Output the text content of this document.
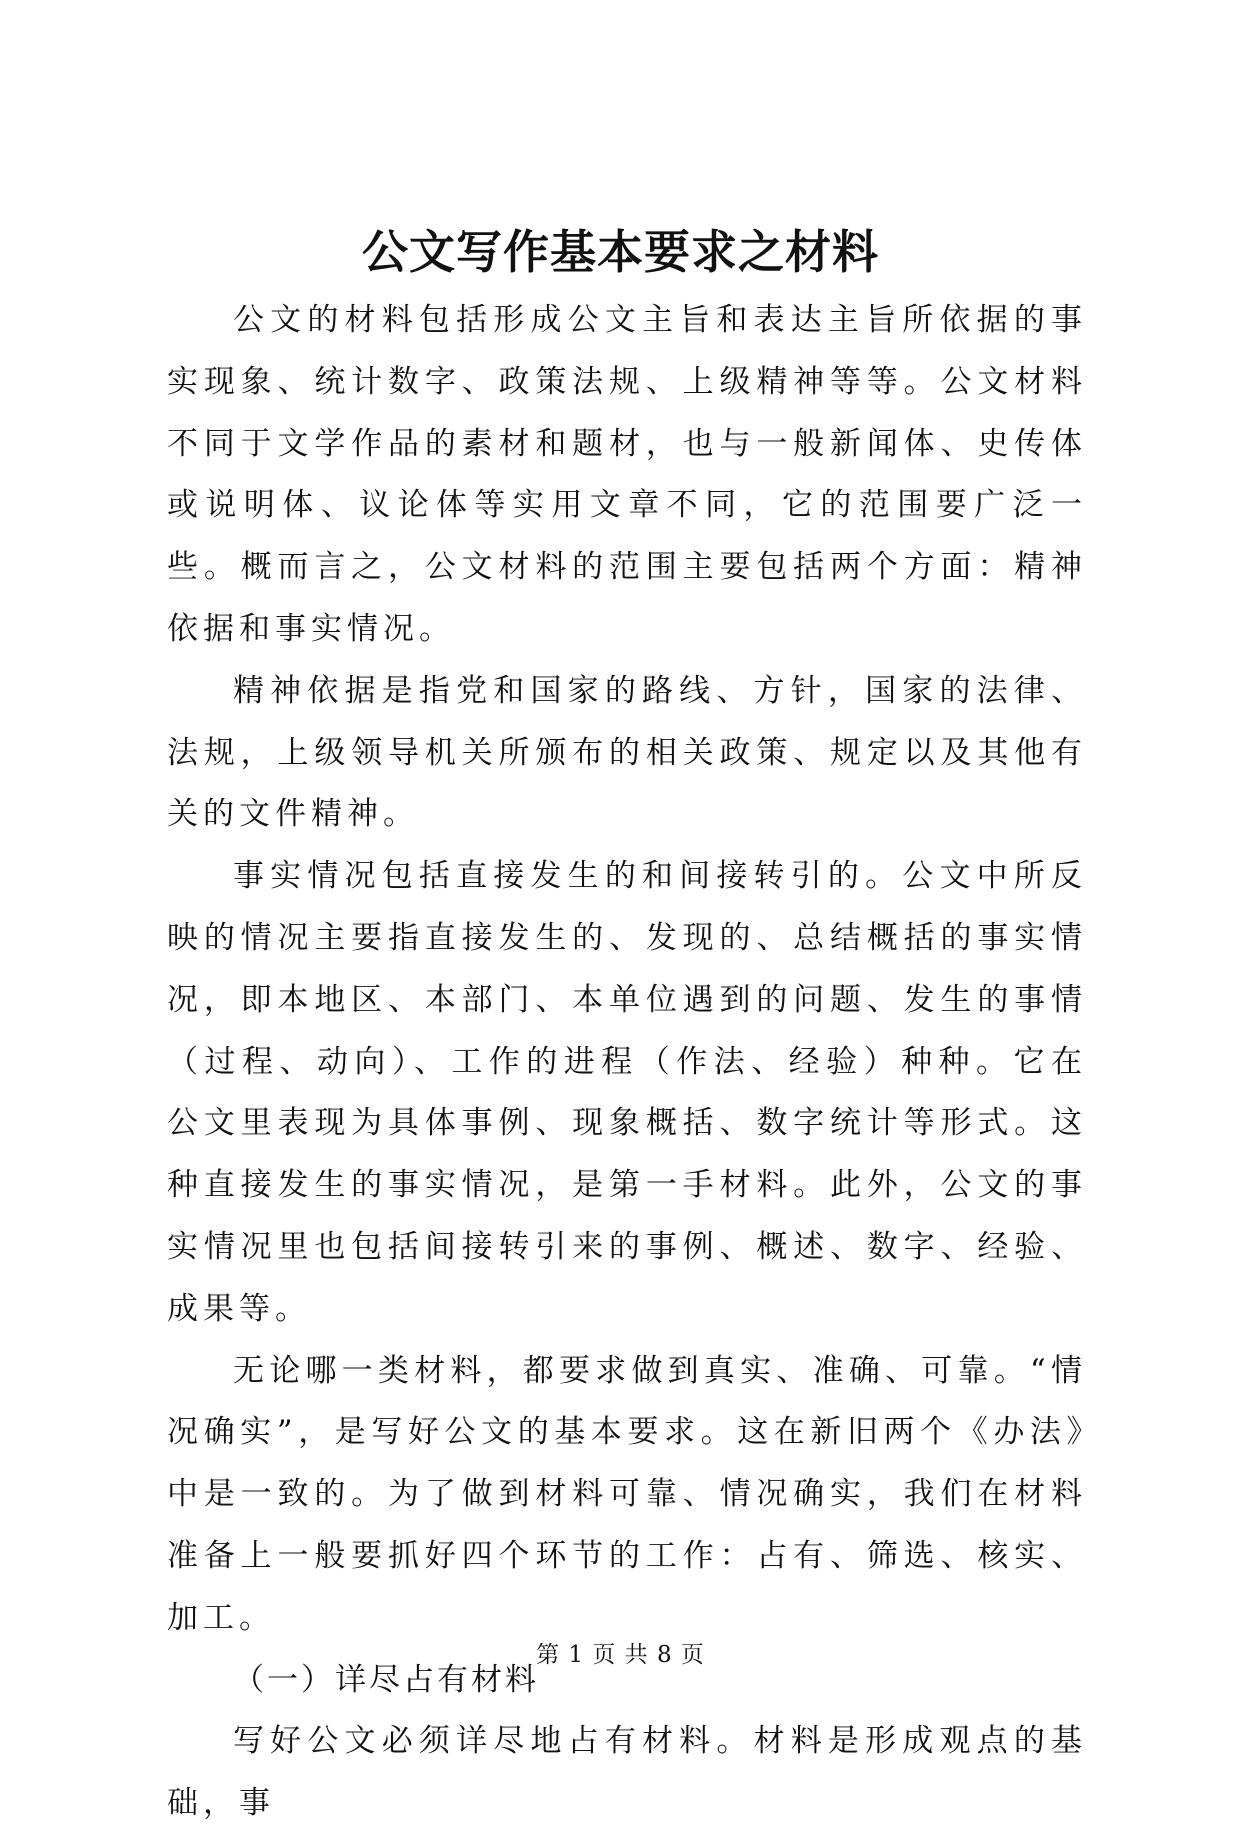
公文写作基本要求之材料

公文的材料包括形成公文主旨和表达主旨所依据的事实现象、统计数字、政策法规、上级精神等等。公文材料不同于文学作品的素材和题材，也与一般新闻体、史传体或说明体、议论体等实用文章不同，它的范围要广泛一些。概而言之，公文材料的范围主要包括两个方面：精神依据和事实情况。

精神依据是指党和国家的路线、方针，国家的法律、法规，上级领导机关所颁布的相关政策、规定以及其他有关的文件精神。

事实情况包括直接发生的和间接转引的。公文中所反映的情况主要指直接发生的、发现的、总结概括的事实情况，即本地区、本部门、本单位遇到的问题、发生的事情（过程、动向）、工作的进程（作法、经验）种种。它在公文里表现为具体事例、现象概括、数字统计等形式。这种直接发生的事实情况，是第一手材料。此外，公文的事实情况里也包括间接转引来的事例、概述、数字、经验、成果等。

无论哪一类材料，都要求做到真实、准确、可靠。“情况确实”，是写好公文的基本要求。这在新旧两个《办法》中是一致的。为了做到材料可靠、情况确实，我们在材料准备上一般要抓好四个环节的工作：占有、筛选、核实、加工。

（一）详尽占有材料

写好公文必须详尽地占有材料。材料是形成观点的基础，事

第 1 页 共 8 页
